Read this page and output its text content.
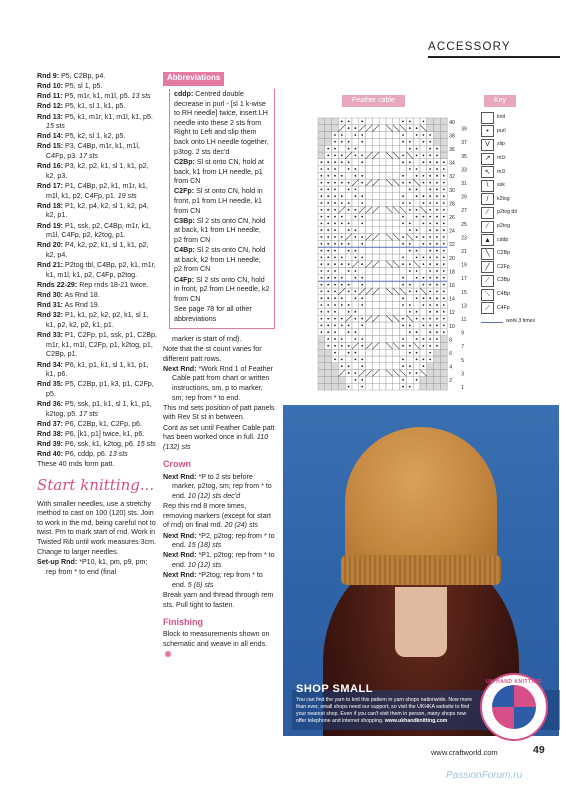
ACCESSORY
Rnd 9: P5, C2Bp, p4.
Rnd 10: P5, sl 1, p5.
Rnd 11: P5, m1r, k1, m1l, p5. 13 sts
Rnd 12: P5, k1, sl 1, k1, p5.
Rnd 13: P5, k1, m1r, k1, m1l, k1, p5. 15 sts
Rnd 14: P5, k2, sl 1, k2, p5.
Rnd 15: P3, C4Bp, m1r, k1, m1l, C4Fp, p3. 17 sts
Rnd 16: P3, k2, p2, k1, sl 1, k1, p2, k2, p3.
Rnd 17: P1, C4Bp, p2, k1, m1r, k1, m1l, k1, p2, C4Fp, p1. 19 sts
Rnd 18: P1, k2, p4, k2, sl 1, k2, p4, k2, p1.
Rnd 19: P1, ssk, p2, C4Bp, m1r, k1, m1l, C4Fp, p2, k2tog, p1.
Rnd 20: P4, k2, p2, k1, sl 1, k1, p2, k2, p4.
Rnd 21: P2tog tbl, C4Bp, p2, k1, m1r, k1, m1l, k1, p2, C4Fp, p2tog.
Rnds 22-29: Rep rnds 18-21 twice.
Rnd 30: As Rnd 18.
Rnd 31: As Rnd 19.
Rnd 32: P1, k1, p2, k2, p2, k1, sl 1, k1, p2, k2, p2, k1, p1.
Rnd 33: P1, C2Fp, p1, ssk, p1, C2Bp, m1r, k1, m1l, C2Fp, p1, k2tog, p1, C2Bp, p1.
Rnd 34: P6, k1, p1, k1, sl 1, k1, p1, k1, p6.
Rnd 35: P5, C2Bp, p1, k3, p1, C2Fp, p5.
Rnd 36: P5, ssk, p1, k1, sl 1, k1, p1, k2tog, p5. 17 sts
Rnd 37: P6, C2Bp, k1, C2Fp, p6.
Rnd 38: P6, [k1, p1] twice, k1, p6.
Rnd 39: P6, ssk, k1, k2tog, p6. 15 sts
Rnd 40: P6, cddp, p6. 13 sts
These 40 rnds form patt.
Start knitting...
With smaller needles, use a stretchy method to cast on 100 (120) sts. Join to work in the rnd, being careful not to twist. Pm to mark start of rnd. Work in Twisted Rib until work measures 3cm. Change to larger needles.
Set-up Rnd: *P10, k1, pm, p9, pm; rep from * to end (final
Abbreviations
cddp: Centred double decrease in purl - [sl 1 k-wise to RH needle] twice, insert LH needle into these 2 sts from Right to Left and slip them back onto LH needle together, p3tog. 2 sts dec'd
C2Bp: Sl st onto CN, hold at back, k1 from LH needle, p1 from CN
C2Fp: Sl st onto CN, hold in front, p1 from LH needle, k1 from CN
C3Bp: Sl 2 sts onto CN, hold at back, k1 from LH needle, p2 from CN
C4Bp: Sl 2 sts onto CN, hold at back, k2 from LH needle, p2 from CN
C4Fp: Sl 2 sts onto CN, hold in front, p2 from LH needle, k2 from CN
See page 78 for all other abbreviations
marker is start of rnd).
Note that the st count varies for different patt rows.
Next Rnd: *Work Rnd 1 of Feather Cable patt from chart or written instructions, sm, p to marker, sm; rep from * to end.
This rnd sets position of patt panels with Rev St st in between.
Cont as set until Feather Cable patt has been worked once in full. 110 (132) sts
Crown
Next Rnd: *P to 2 sts before marker, p2tog, sm; rep from * to end. 10 (12) sts dec'd
Rep this rnd 8 more times, removing markers (except for start of rnd) on final rnd. 20 (24) sts
Next Rnd: *P2, p2tog; rep from * to end. 15 (18) sts
Next Rnd: *P1, p2tog; rep from * to end. 10 (12) sts
Next Rnd: *P2tog; rep from * to end. 5 (6) sts
Break yarn and thread through rem sts. Pull tight to fasten.
Finishing
Block to measurements shown on schematic and weave in all ends.
Feather cable
40
38
36
34
32
30
28
26
24
22
20
18
16
14
12
10
8
6
4
2
39
37
35
33
31
29
27
25
23
21
19
17
15
13
11
9
7
5
3
1
Key
knit
•	purl
V	slip
↗	m1r
↖	m1l
\	ssk
/	k2tog
⁄	p2tog tbl
∕	p2tog
▲	cddp
╲	C2Bp
╱	C2Fp
⟋	C3Bp
⟍	C4Bp
⟋	C4Fp
work 3 times
SHOP SMALL
You can find the yarn to knit this pattern in yarn shops nationwide. Now more than ever, small shops need our support, so visit the UKHKA website to find your nearest shop. Even if you can't visit them in person, many shops now offer telephone and internet shopping. www.ukhandknitting.com
UK HAND KNITTING
www.craftworld.com	49
PassionForum.ru
